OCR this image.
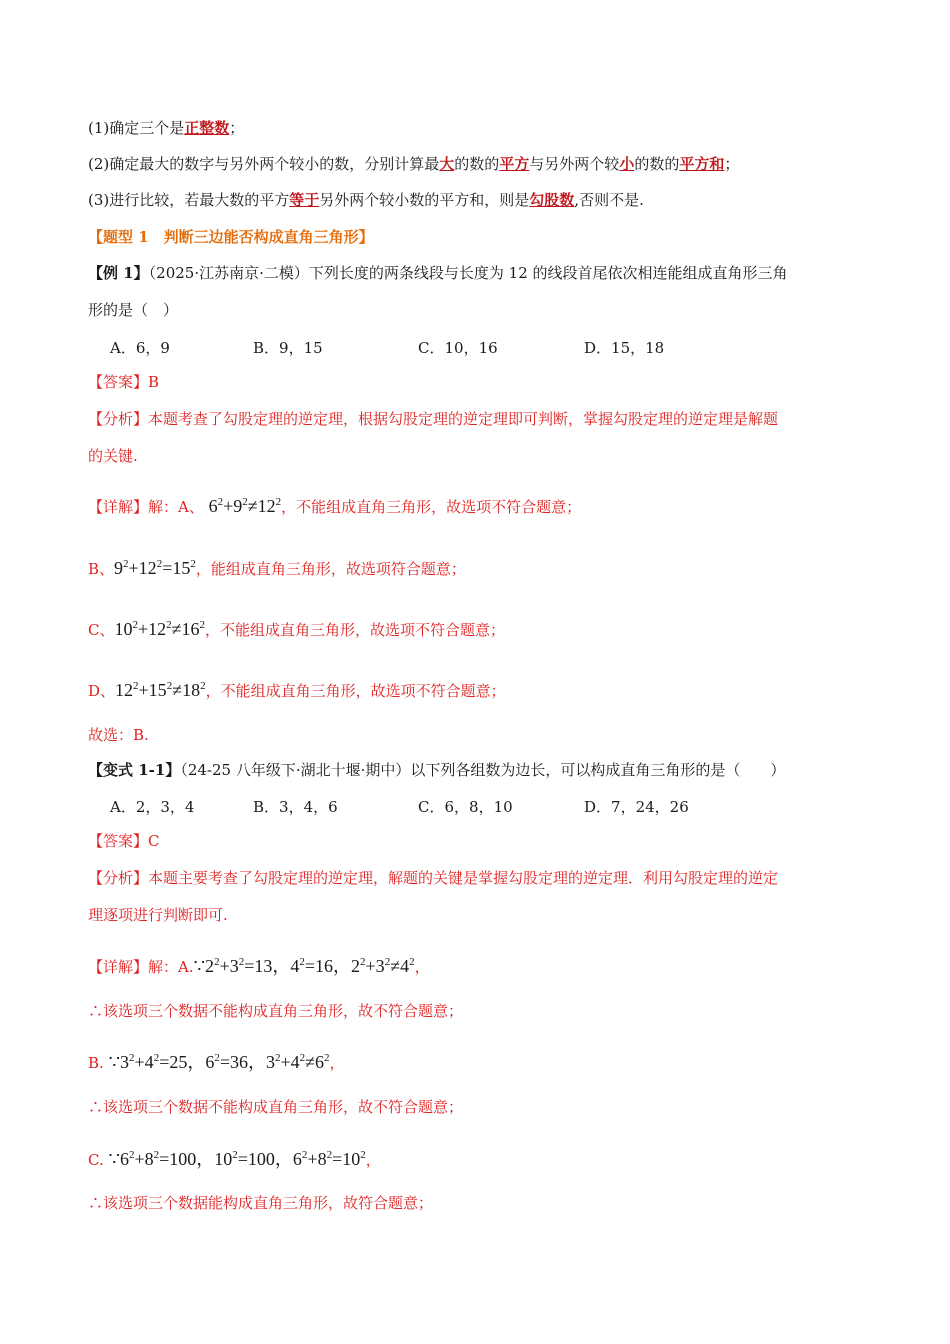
(1)确定三个是正整数；
(2)确定最大的数字与另外两个较小的数，分别计算最大的数的平方与另外两个较小的数的平方和；
(3)进行比较，若最大数的平方等于另外两个较小数的平方和，则是勾股数,否则不是.
【题型 1　判断三边能否构成直角三角形】
【例 1】（2025·江苏南京·二模）下列长度的两条线段与长度为 12 的线段首尾依次相连能组成直角形三角
形的是（　）
A．6，9	B．9，15	C．10，16	D．15，18
【答案】B
【分析】本题考查了勾股定理的逆定理，根据勾股定理的逆定理即可判断，掌握勾股定理的逆定理是解题
的关键.
【详解】解：A、 $6^2+9^2\ne 12^2$，不能组成直角三角形，故选项不符合题意；
B、$9^2+12^2=15^2$，能组成直角三角形，故选项符合题意；
C、$10^2+12^2\ne 16^2$，不能组成直角三角形，故选项不符合题意；
D、$12^2+15^2\ne 18^2$，不能组成直角三角形，故选项不符合题意；
故选：B.
【变式 1-1】（24-25 八年级下·湖北十堰·期中）以下列各组数为边长，可以构成直角三角形的是（　　）
A．2，3，4	B．3，4，6	C．6，8，10	D．7，24，26
【答案】C
【分析】本题主要考查了勾股定理的逆定理，解题的关键是掌握勾股定理的逆定理．利用勾股定理的逆定
理逐项进行判断即可.
【详解】解：$A.\because 2^2+3^2=13$，$4^2=16$，$2^2+3^2\ne 4^2$，
∴该选项三个数据不能构成直角三角形，故不符合题意；
B. $\because 3^2+4^2=25$，$6^2=36$，$3^2+4^2\ne 6^2$，
∴该选项三个数据不能构成直角三角形，故不符合题意；
C. $\because 6^2+8^2=100$，$10^2=100$，$6^2+8^2=10^2$，
∴该选项三个数据能构成直角三角形，故符合题意；
